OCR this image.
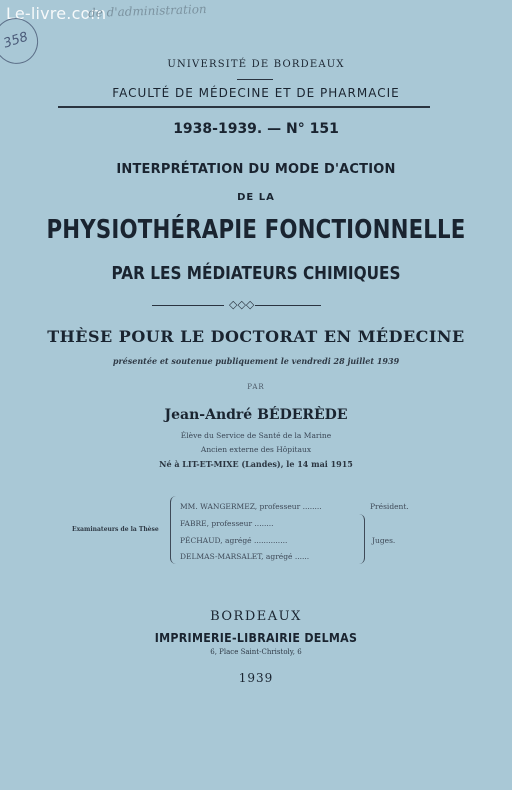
Le-livre.com
de d'administration
358
UNIVERSITÉ DE BORDEAUX
FACULTÉ DE MÉDECINE ET DE PHARMACIE
1938-1939. — N° 151
INTERPRÉTATION DU MODE D'ACTION
DE LA
PHYSIOTHÉRAPIE FONCTIONNELLE
PAR LES MÉDIATEURS CHIMIQUES
◇◇◇
THÈSE POUR LE DOCTORAT EN MÉDECINE
présentée et soutenue publiquement le vendredi 28 juillet 1939
PAR
Jean-André BÉDERÈDE
Élève du Service de Santé de la Marine
Ancien externe des Hôpitaux
Né à LIT-ET-MIXE (Landes), le 14 mai 1915
Examinateurs de la Thèse
MM. WANGERMEZ, professeur ........
FABRE, professeur ........
PÉCHAUD, agrégé ..............
DELMAS-MARSALET, agrégé ......
Président.
Juges.
BORDEAUX
IMPRIMERIE-LIBRAIRIE DELMAS
6, Place Saint-Christoly, 6
1939
